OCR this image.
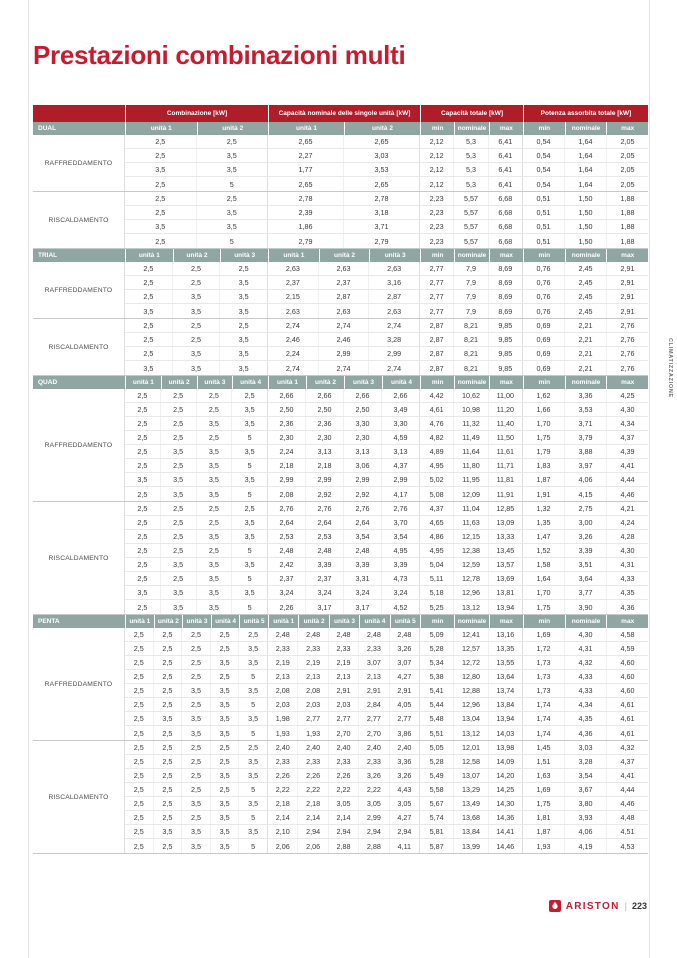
Prestazioni combinazioni multi
Combinazione [kW]	Capacità nominale delle singole unità [kW]	Capacità totale [kW]	Potenza assorbita totale [kW]
DUAL	unità 1	unità 2	unità 1	unità 2	min	nominale	max	min	nominale	max
RAFFREDDAMENTO
2,5	2,5	2,65	2,65	2,12	5,3	6,41	0,54	1,64	2,05
2,5	3,5	2,27	3,03	2,12	5,3	6,41	0,54	1,64	2,05
3,5	3,5	1,77	3,53	2,12	5,3	6,41	0,54	1,64	2,05
2,5	5	2,65	2,65	2,12	5,3	6,41	0,54	1,64	2,05
RISCALDAMENTO
2,5	2,5	2,78	2,78	2,23	5,57	6,68	0,51	1,50	1,88
2,5	3,5	2,39	3,18	2,23	5,57	6,68	0,51	1,50	1,88
3,5	3,5	1,86	3,71	2,23	5,57	6,68	0,51	1,50	1,88
2,5	5	2,79	2,79	2,23	5,57	6,68	0,51	1,50	1,88
TRIAL	unità 1	unità 2	unità 3	unità 1	unità 2	unità 3	min	nominale	max	min	nominale	max
RAFFREDDAMENTO
2,5	2,5	2,5	2,63	2,63	2,63	2,77	7,9	8,69	0,76	2,45	2,91
2,5	2,5	3,5	2,37	2,37	3,16	2,77	7,9	8,69	0,76	2,45	2,91
2,5	3,5	3,5	2,15	2,87	2,87	2,77	7,9	8,69	0,76	2,45	2,91
3,5	3,5	3,5	2,63	2,63	2,63	2,77	7,9	8,69	0,76	2,45	2,91
RISCALDAMENTO
2,5	2,5	2,5	2,74	2,74	2,74	2,87	8,21	9,85	0,69	2,21	2,76
2,5	2,5	3,5	2,46	2,46	3,28	2,87	8,21	9,85	0,69	2,21	2,76
2,5	3,5	3,5	2,24	2,99	2,99	2,87	8,21	9,85	0,69	2,21	2,76
3,5	3,5	3,5	2,74	2,74	2,74	2,87	8,21	9,85	0,69	2,21	2,76
QUAD	unità 1	unità 2	unità 3	unità 4	unità 1	unità 2	unità 3	unità 4	min	nominale	max	min	nominale	max
RAFFREDDAMENTO
2,5	2,5	2,5	2,5	2,66	2,66	2,66	2,66	4,42	10,62	11,00	1,62	3,36	4,25
2,5	2,5	2,5	3,5	2,50	2,50	2,50	3,49	4,61	10,98	11,20	1,66	3,53	4,30
2,5	2,5	3,5	3,5	2,36	2,36	3,30	3,30	4,76	11,32	11,40	1,70	3,71	4,34
2,5	2,5	2,5	5	2,30	2,30	2,30	4,59	4,82	11,49	11,50	1,75	3,79	4,37
2,5	3,5	3,5	3,5	2,24	3,13	3,13	3,13	4,89	11,64	11,61	1,79	3,88	4,39
2,5	2,5	3,5	5	2,18	2,18	3,06	4,37	4,95	11,80	11,71	1,83	3,97	4,41
3,5	3,5	3,5	3,5	2,99	2,99	2,99	2,99	5,02	11,95	11,81	1,87	4,06	4,44
2,5	3,5	3,5	5	2,08	2,92	2,92	4,17	5,08	12,09	11,91	1,91	4,15	4,46
RISCALDAMENTO
2,5	2,5	2,5	2,5	2,76	2,76	2,76	2,76	4,37	11,04	12,85	1,32	2,75	4,21
2,5	2,5	2,5	3,5	2,64	2,64	2,64	3,70	4,65	11,63	13,09	1,35	3,00	4,24
2,5	2,5	3,5	3,5	2,53	2,53	3,54	3,54	4,86	12,15	13,33	1,47	3,26	4,28
2,5	2,5	2,5	5	2,48	2,48	2,48	4,95	4,95	12,38	13,45	1,52	3,39	4,30
2,5	3,5	3,5	3,5	2,42	3,39	3,39	3,39	5,04	12,59	13,57	1,58	3,51	4,31
2,5	2,5	3,5	5	2,37	2,37	3,31	4,73	5,11	12,78	13,69	1,64	3,64	4,33
3,5	3,5	3,5	3,5	3,24	3,24	3,24	3,24	5,18	12,96	13,81	1,70	3,77	4,35
2,5	3,5	3,5	5	2,26	3,17	3,17	4,52	5,25	13,12	13,94	1,75	3,90	4,36
PENTA	unità 1	unità 2	unità 3	unità 4	unità 5	unità 1	unità 2	unità 3	unità 4	unità 5	min	nominale	max	min	nominale	max
RAFFREDDAMENTO
2,5	2,5	2,5	2,5	2,5	2,48	2,48	2,48	2,48	2,48	5,09	12,41	13,16	1,69	4,30	4,58
2,5	2,5	2,5	2,5	3,5	2,33	2,33	2,33	2,33	3,26	5,28	12,57	13,35	1,72	4,31	4,59
2,5	2,5	2,5	3,5	3,5	2,19	2,19	2,19	3,07	3,07	5,34	12,72	13,55	1,73	4,32	4,60
2,5	2,5	2,5	2,5	5	2,13	2,13	2,13	2,13	4,27	5,38	12,80	13,64	1,73	4,33	4,60
2,5	2,5	3,5	3,5	3,5	2,08	2,08	2,91	2,91	2,91	5,41	12,88	13,74	1,73	4,33	4,60
2,5	2,5	2,5	3,5	5	2,03	2,03	2,03	2,84	4,05	5,44	12,96	13,84	1,74	4,34	4,61
2,5	3,5	3,5	3,5	3,5	1,98	2,77	2,77	2,77	2,77	5,48	13,04	13,94	1,74	4,35	4,61
2,5	2,5	3,5	3,5	5	1,93	1,93	2,70	2,70	3,86	5,51	13,12	14,03	1,74	4,36	4,61
RISCALDAMENTO
2,5	2,5	2,5	2,5	2,5	2,40	2,40	2,40	2,40	2,40	5,05	12,01	13,98	1,45	3,03	4,32
2,5	2,5	2,5	2,5	3,5	2,33	2,33	2,33	2,33	3,36	5,28	12,58	14,09	1,51	3,28	4,37
2,5	2,5	2,5	3,5	3,5	2,26	2,26	2,26	3,26	3,26	5,49	13,07	14,20	1,63	3,54	4,41
2,5	2,5	2,5	2,5	5	2,22	2,22	2,22	2,22	4,43	5,58	13,29	14,25	1,69	3,67	4,44
2,5	2,5	3,5	3,5	3,5	2,18	2,18	3,05	3,05	3,05	5,67	13,49	14,30	1,75	3,80	4,46
2,5	2,5	2,5	3,5	5	2,14	2,14	2,14	2,99	4,27	5,74	13,68	14,36	1,81	3,93	4,48
2,5	3,5	3,5	3,5	3,5	2,10	2,94	2,94	2,94	2,94	5,81	13,84	14,41	1,87	4,06	4,51
2,5	2,5	3,5	3,5	5	2,06	2,06	2,88	2,88	4,11	5,87	13,99	14,46	1,93	4,19	4,53
CLIMATIZZAZIONE
ARISTON | 223
